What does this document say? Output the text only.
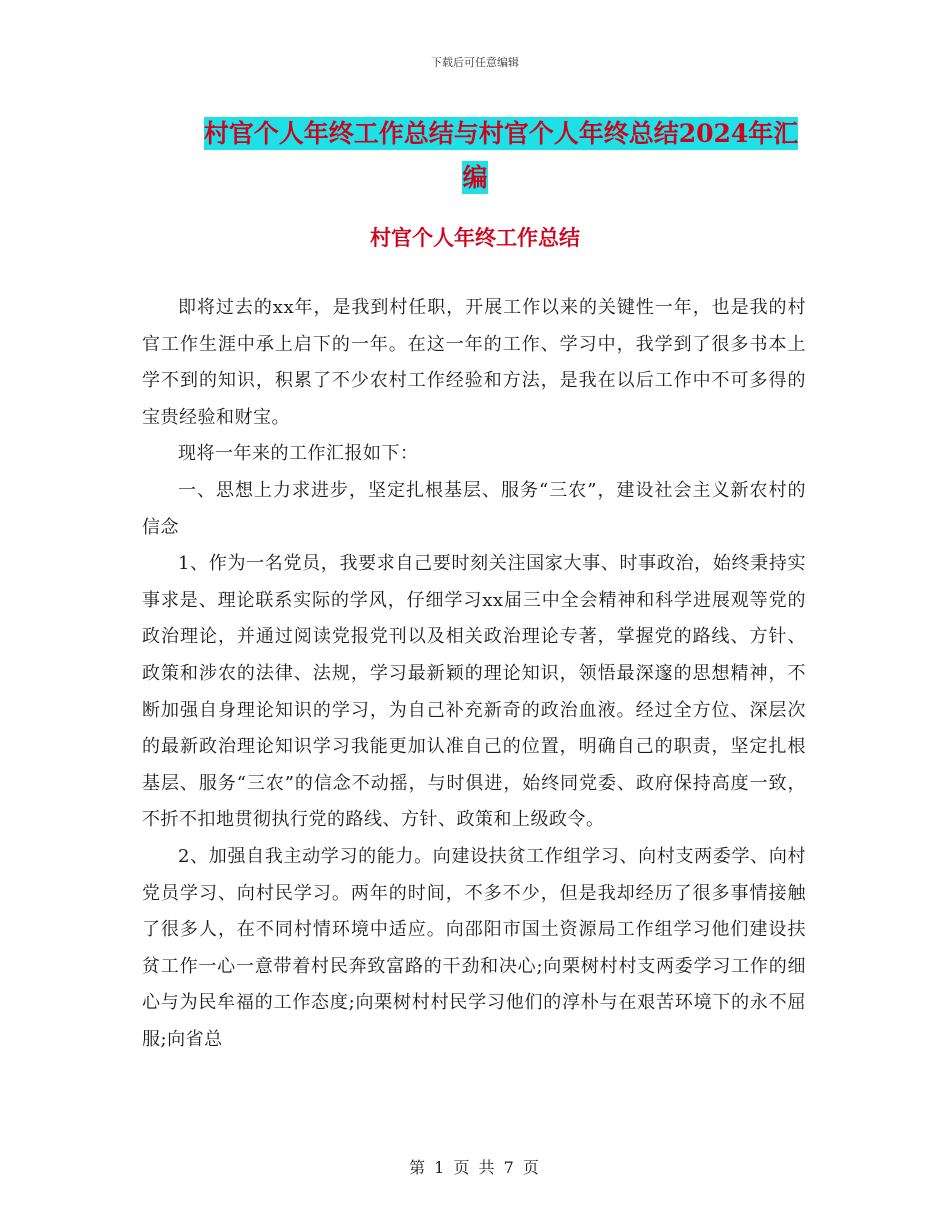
下载后可任意编辑
村官个人年终工作总结与村官个人年终总结2024年汇
编
村官个人年终工作总结

即将过去的xx年，是我到村任职，开展工作以来的关键性一年，也是我的村官工作生涯中承上启下的一年。在这一年的工作、学习中，我学到了很多书本上学不到的知识，积累了不少农村工作经验和方法，是我在以后工作中不可多得的宝贵经验和财宝。

现将一年来的工作汇报如下：

一、思想上力求进步，坚定扎根基层、服务“三农”，建设社会主义新农村的信念

1、作为一名党员，我要求自己要时刻关注国家大事、时事政治，始终秉持实事求是、理论联系实际的学风，仔细学习xx届三中全会精神和科学进展观等党的政治理论，并通过阅读党报党刊以及相关政治理论专著，掌握党的路线、方针、政策和涉农的法律、法规，学习最新颖的理论知识，领悟最深邃的思想精神，不断加强自身理论知识的学习，为自己补充新奇的政治血液。经过全方位、深层次的最新政治理论知识学习我能更加认准自己的位置，明确自己的职责，坚定扎根基层、服务“三农”的信念不动摇，与时俱进，始终同党委、政府保持高度一致，不折不扣地贯彻执行党的路线、方针、政策和上级政令。

2、加强自我主动学习的能力。向建设扶贫工作组学习、向村支两委学、向村党员学习、向村民学习。两年的时间，不多不少，但是我却经历了很多事情接触了很多人，在不同村情环境中适应。向邵阳市国土资源局工作组学习他们建设扶贫工作一心一意带着村民奔致富路的干劲和决心;向栗树村村支两委学习工作的细心与为民牟福的工作态度;向栗树村村民学习他们的淳朴与在艰苦环境下的永不屈服;向省总

第 1 页 共 7 页
